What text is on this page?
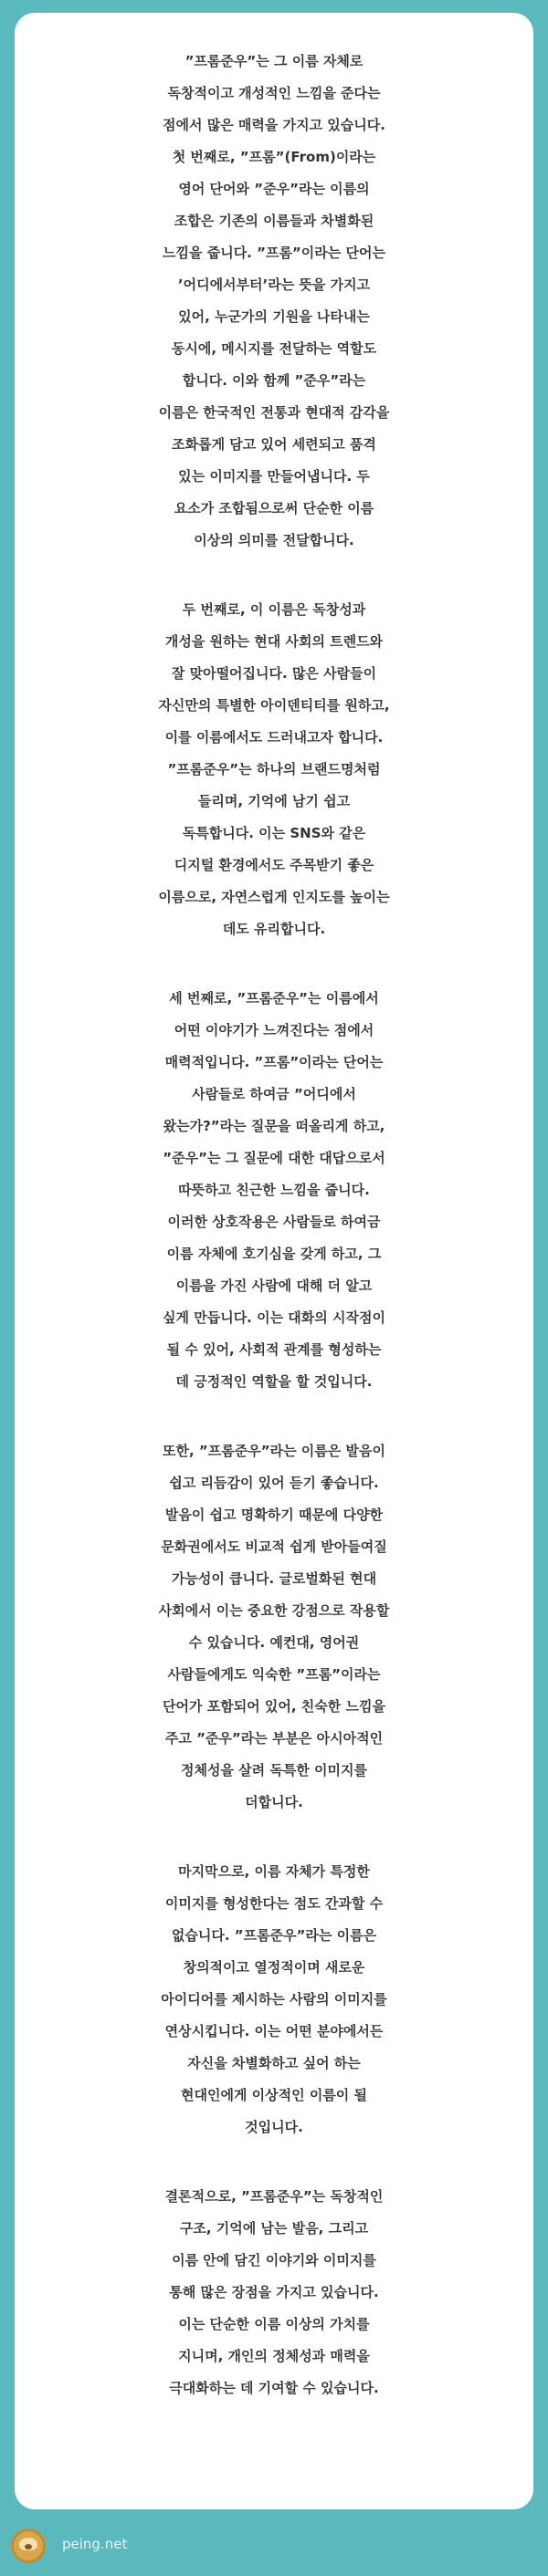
”프롬준우”는 그 이름 자체로
독창적이고 개성적인 느낌을 준다는
점에서 많은 매력을 가지고 있습니다.
첫 번째로, ”프롬”(From)이라는
영어 단어와 ”준우”라는 이름의
조합은 기존의 이름들과 차별화된
느낌을 줍니다. ”프롬”이라는 단어는
’어디에서부터’라는 뜻을 가지고
있어, 누군가의 기원을 나타내는
동시에, 메시지를 전달하는 역할도
합니다. 이와 함께 ”준우”라는
이름은 한국적인 전통과 현대적 감각을
조화롭게 담고 있어 세련되고 품격
있는 이미지를 만들어냅니다. 두
요소가 조합됨으로써 단순한 이름
이상의 의미를 전달합니다.

두 번째로, 이 이름은 독창성과
개성을 원하는 현대 사회의 트렌드와
잘 맞아떨어집니다. 많은 사람들이
자신만의 특별한 아이덴티티를 원하고,
이를 이름에서도 드러내고자 합니다.
”프롬준우”는 하나의 브랜드명처럼
들리며, 기억에 남기 쉽고
독특합니다. 이는 SNS와 같은
디지털 환경에서도 주목받기 좋은
이름으로, 자연스럽게 인지도를 높이는
데도 유리합니다.

세 번째로, ”프롬준우”는 이름에서
어떤 이야기가 느껴진다는 점에서
매력적입니다. ”프롬”이라는 단어는
사람들로 하여금 ”어디에서
왔는가?”라는 질문을 떠올리게 하고,
”준우”는 그 질문에 대한 대답으로서
따뜻하고 친근한 느낌을 줍니다.
이러한 상호작용은 사람들로 하여금
이름 자체에 호기심을 갖게 하고, 그
이름을 가진 사람에 대해 더 알고
싶게 만듭니다. 이는 대화의 시작점이
될 수 있어, 사회적 관계를 형성하는
데 긍정적인 역할을 할 것입니다.

또한, ”프롬준우”라는 이름은 발음이
쉽고 리듬감이 있어 듣기 좋습니다.
발음이 쉽고 명확하기 때문에 다양한
문화권에서도 비교적 쉽게 받아들여질
가능성이 큽니다. 글로벌화된 현대
사회에서 이는 중요한 강점으로 작용할
수 있습니다. 예컨대, 영어권
사람들에게도 익숙한 ”프롬”이라는
단어가 포함되어 있어, 친숙한 느낌을
주고 ”준우”라는 부분은 아시아적인
정체성을 살려 독특한 이미지를
더합니다.

마지막으로, 이름 자체가 특정한
이미지를 형성한다는 점도 간과할 수
없습니다. ”프롬준우”라는 이름은
창의적이고 열정적이며 새로운
아이디어를 제시하는 사람의 이미지를
연상시킵니다. 이는 어떤 분야에서든
자신을 차별화하고 싶어 하는
현대인에게 이상적인 이름이 될
것입니다.

결론적으로, ”프롬준우”는 독창적인
구조, 기억에 남는 발음, 그리고
이름 안에 담긴 이야기와 이미지를
통해 많은 장점을 가지고 있습니다.
이는 단순한 이름 이상의 가치를
지니며, 개인의 정체성과 매력을
극대화하는 데 기여할 수 있습니다.

peing.net
